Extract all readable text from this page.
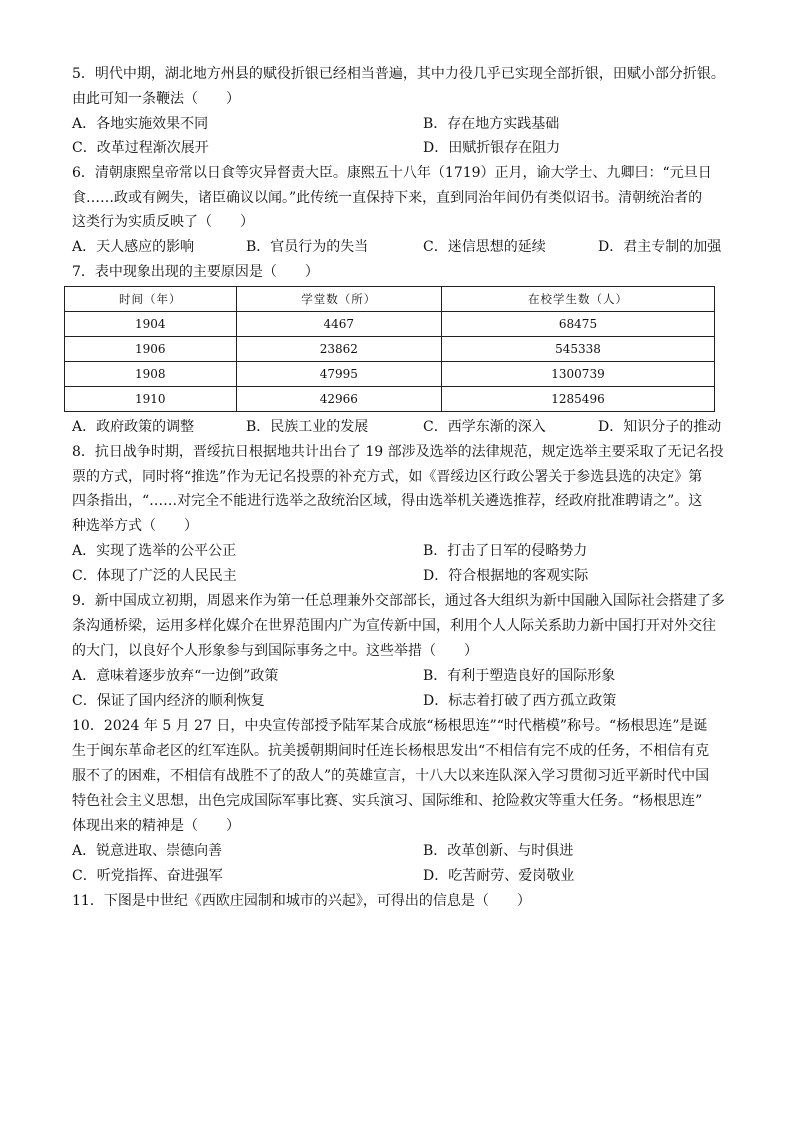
5．明代中期，湖北地方州县的赋役折银已经相当普遍，其中力役几乎已实现全部折银，田赋小部分折银。
由此可知一条鞭法（　　）
A．各地实施效果不同	B．存在地方实践基础
C．改革过程渐次展开	D．田赋折银存在阻力
6．清朝康熙皇帝常以日食等灾异督责大臣。康熙五十八年（1719）正月，谕大学士、九卿曰：“元旦日
食……政或有阙失，诸臣确议以闻。”此传统一直保持下来，直到同治年间仍有类似诏书。清朝统治者的
这类行为实质反映了（　　）
A．天人感应的影响	B．官员行为的失当	C．迷信思想的延续	D．君主专制的加强
7．表中现象出现的主要原因是（　　）
时间（年）	学堂数（所）	在校学生数（人）
1904	4467	68475
1906	23862	545338
1908	47995	1300739
1910	42966	1285496
A．政府政策的调整	B．民族工业的发展	C．西学东渐的深入	D．知识分子的推动
8．抗日战争时期，晋绥抗日根据地共计出台了 19 部涉及选举的法律规范，规定选举主要采取了无记名投
票的方式，同时将“推选”作为无记名投票的补充方式，如《晋绥边区行政公署关于参选县选的决定》第
四条指出，“……对完全不能进行选举之敌统治区域，得由选举机关遴选推荐，经政府批准聘请之”。这
种选举方式（　　）
A．实现了选举的公平公正	B．打击了日军的侵略势力
C．体现了广泛的人民民主	D．符合根据地的客观实际
9．新中国成立初期，周恩来作为第一任总理兼外交部部长，通过各大组织为新中国融入国际社会搭建了多
条沟通桥梁，运用多样化媒介在世界范围内广为宣传新中国，利用个人人际关系助力新中国打开对外交往
的大门，以良好个人形象参与到国际事务之中。这些举措（　　）
A．意味着逐步放弃“一边倒”政策	B．有利于塑造良好的国际形象
C．保证了国内经济的顺利恢复	D．标志着打破了西方孤立政策
10．2024 年 5 月 27 日，中央宣传部授予陆军某合成旅“杨根思连”“时代楷模”称号。“杨根思连”是诞
生于闽东革命老区的红军连队。抗美援朝期间时任连长杨根思发出“不相信有完不成的任务，不相信有克
服不了的困难，不相信有战胜不了的敌人”的英雄宣言，十八大以来连队深入学习贯彻习近平新时代中国
特色社会主义思想，出色完成国际军事比赛、实兵演习、国际维和、抢险救灾等重大任务。“杨根思连”
体现出来的精神是（　　）
A．锐意进取、崇德向善	B．改革创新、与时俱进
C．听党指挥、奋进强军	D．吃苦耐劳、爱岗敬业
11．下图是中世纪《西欧庄园制和城市的兴起》，可得出的信息是（　　）
